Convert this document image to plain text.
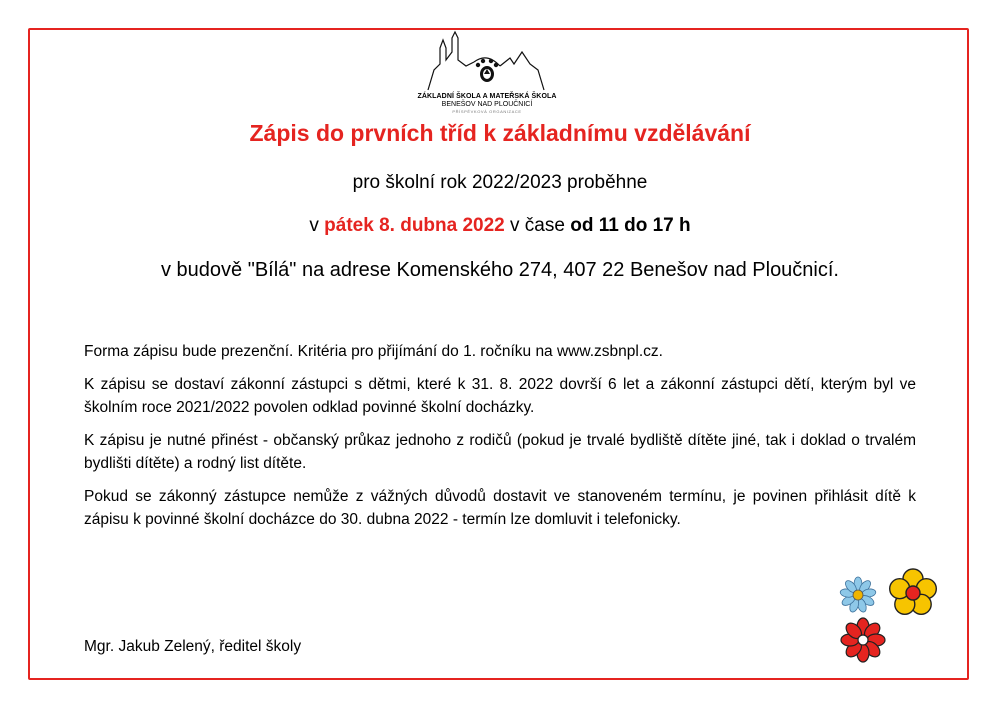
ZÁKLADNÍ ŠKOLA A MATEŘSKÁ ŠKOLA
BENEŠOV NAD PLOUČNICÍ
PŘÍSPĚVKOVÁ ORGANIZACE
Zápis do prvních tříd k základnímu vzdělávání
pro školní rok 2022/2023 proběhne
v pátek 8. dubna 2022 v čase od 11 do 17 h
v budově "Bílá" na adrese Komenského 274, 407 22 Benešov nad Ploučnicí.

Forma zápisu bude prezenční. Kritéria pro přijímání do 1. ročníku na www.zsbnpl.cz.

K zápisu se dostaví zákonní zástupci s dětmi, které k 31. 8. 2022 dovrší 6 let a zákonní zástupci dětí, kterým byl ve školním roce 2021/2022 povolen odklad povinné školní docházky.

K zápisu je nutné přinést - občanský průkaz jednoho z rodičů (pokud je trvalé bydliště dítěte jiné, tak i doklad o trvalém bydlišti dítěte) a rodný list dítěte.

Pokud se zákonný zástupce nemůže z vážných důvodů dostavit ve stanoveném termínu, je povinen přihlásit dítě k zápisu k povinné školní docházce do 30. dubna 2022 - termín lze domluvit i telefonicky.

Mgr. Jakub Zelený, ředitel školy
